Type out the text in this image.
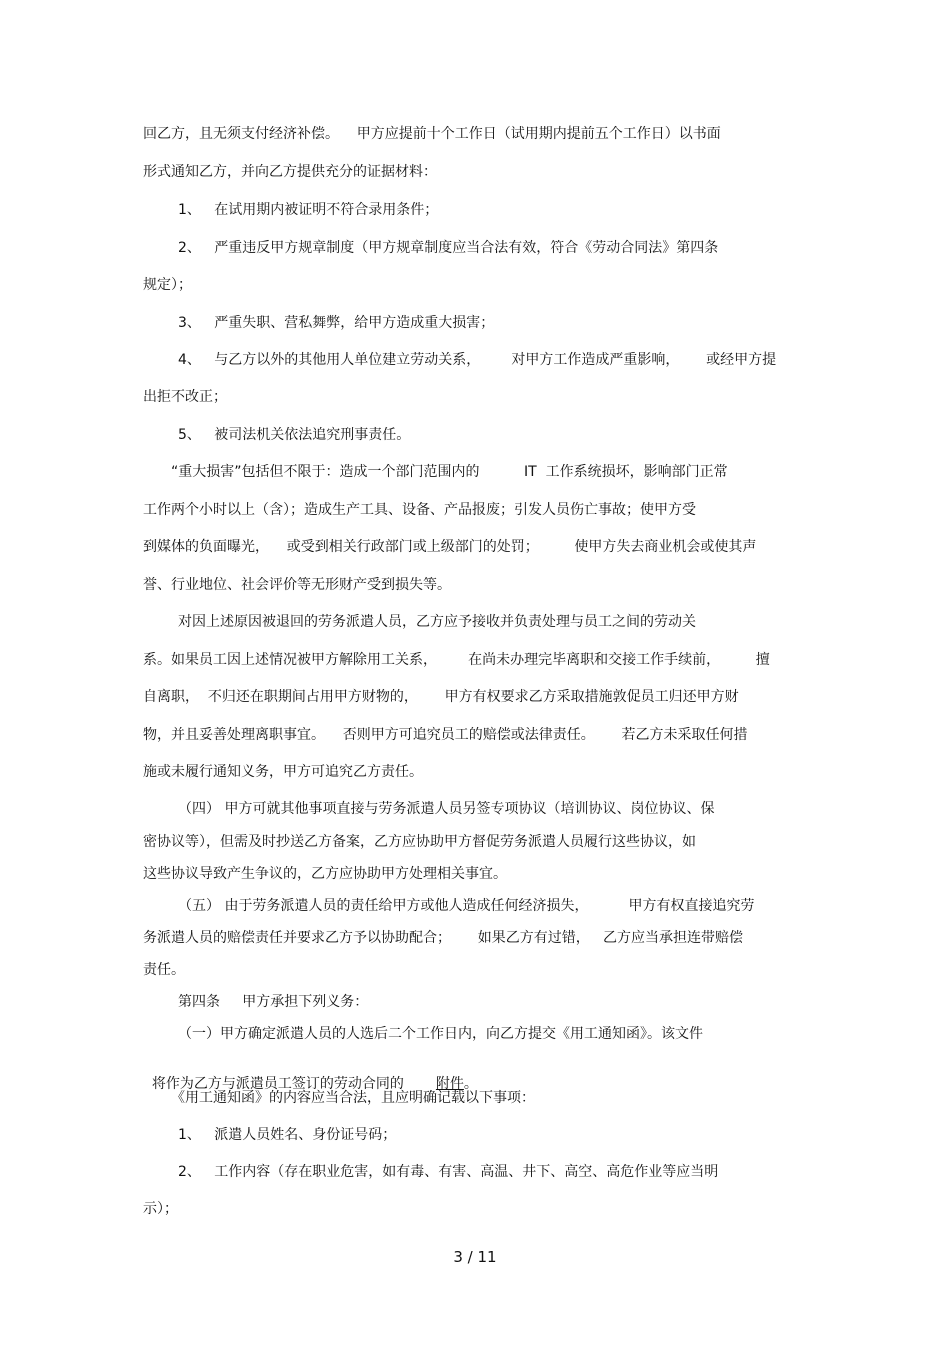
回乙方，且无须支付经济补偿。    甲方应提前十个工作日（试用期内提前五个工作日）以书面

形式通知乙方，并向乙方提供充分的证据材料：

1、   在试用期内被证明不符合录用条件；

2、   严重违反甲方规章制度（甲方规章制度应当合法有效，符合《劳动合同法》第四条

规定）；

3、   严重失职、营私舞弊，给甲方造成重大损害；

4、   与乙方以外的其他用人单位建立劳动关系，       对甲方工作造成严重影响，      或经甲方提

出拒不改正；

5、   被司法机关依法追究刑事责任。

“重大损害”包括但不限于：造成一个部门范围内的          IT  工作系统损坏，影响部门正常

工作两个小时以上（含）；造成生产工具、设备、产品报废；引发人员伤亡事故；使甲方受

到媒体的负面曝光，    或受到相关行政部门或上级部门的处罚；        使甲方失去商业机会或使其声

誉、行业地位、社会评价等无形财产受到损失等。

对因上述原因被退回的劳务派遣人员，乙方应予接收并负责处理与员工之间的劳动关

系。如果员工因上述情况被甲方解除用工关系，       在尚未办理完毕离职和交接工作手续前，        擅

自离职，  不归还在职期间占用甲方财物的，      甲方有权要求乙方采取措施敦促员工归还甲方财

物，并且妥善处理离职事宜。    否则甲方可追究员工的赔偿或法律责任。      若乙方未采取任何措

施或未履行通知义务，甲方可追究乙方责任。

（四） 甲方可就其他事项直接与劳务派遣人员另签专项协议（培训协议、岗位协议、保

密协议等），但需及时抄送乙方备案，乙方应协助甲方督促劳务派遣人员履行这些协议，如

这些协议导致产生争议的，乙方应协助甲方处理相关事宜。

（五） 由于劳务派遣人员的责任给甲方或他人造成任何经济损失，         甲方有权直接追究劳

务派遣人员的赔偿责任并要求乙方予以协助配合；      如果乙方有过错，   乙方应当承担连带赔偿

责任。

第四条     甲方承担下列义务：

（一）甲方确定派遣人员的人选后二个工作日内，向乙方提交《用工通知函》。该文件

将作为乙方与派遣员工签订的劳动合同的 附件。

《用工通知函》的内容应当合法，且应明确记载以下事项：

1、   派遣人员姓名、身份证号码；

2、   工作内容（存在职业危害，如有毒、有害、高温、井下、高空、高危作业等应当明

示）；

3 / 11
